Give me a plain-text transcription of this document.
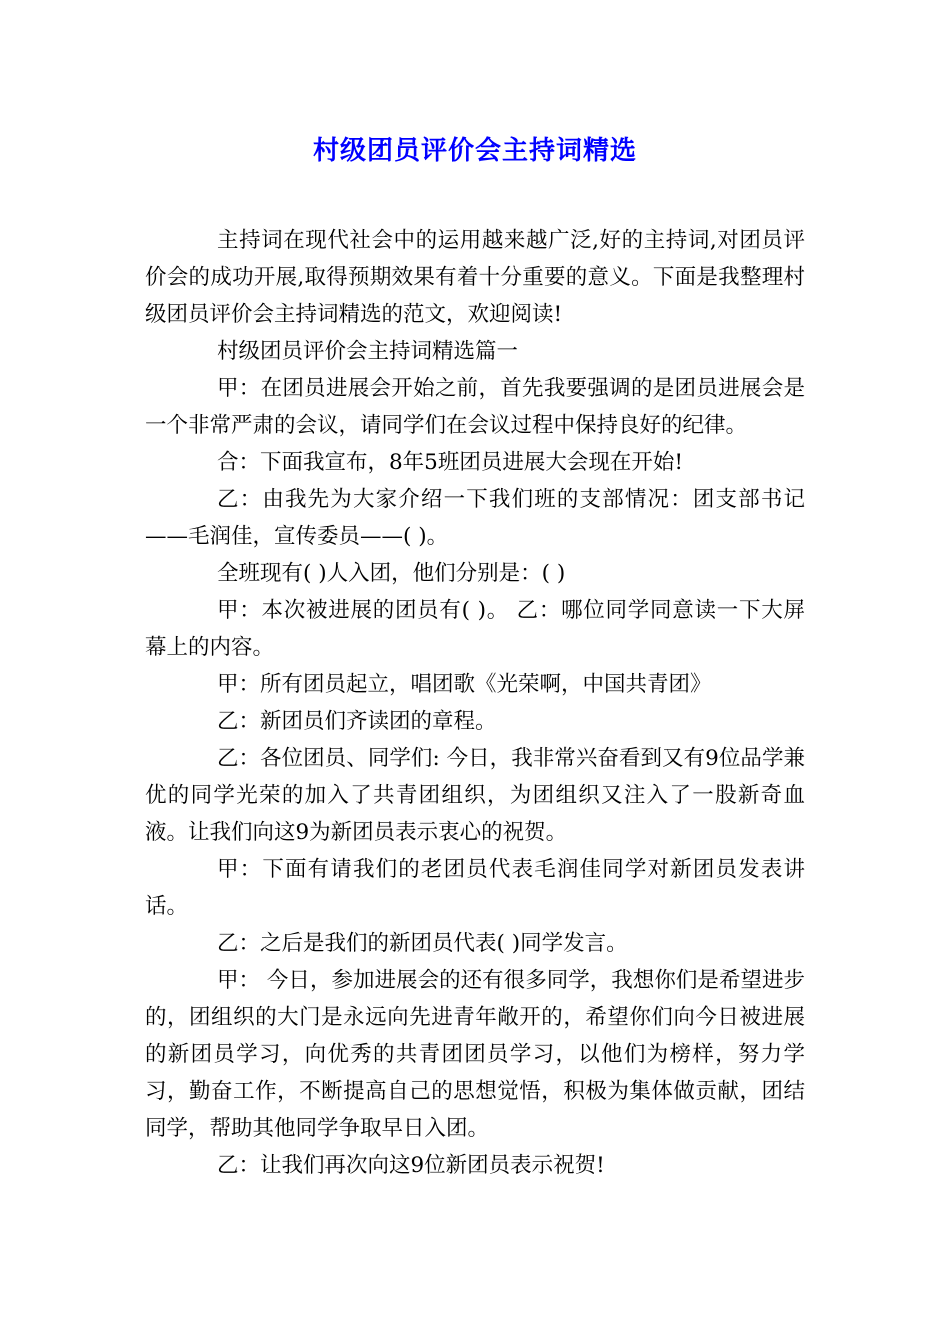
村级团员评价会主持词精选

主持词在现代社会中的运用越来越广泛,好的主持词,对团员评价会的成功开展,取得预期效果有着十分重要的意义。下面是我整理村级团员评价会主持词精选的范文，欢迎阅读!

村级团员评价会主持词精选篇一

甲：在团员进展会开始之前，首先我要强调的是团员进展会是一个非常严肃的会议，请同学们在会议过程中保持良好的纪律。

合：下面我宣布，8年5班团员进展大会现在开始!

乙：由我先为大家介绍一下我们班的支部情况：团支部书记——毛润佳，宣传委员——( )。

全班现有( )人入团，他们分别是：( )

甲：本次被进展的团员有( )。 乙：哪位同学同意读一下大屏幕上的内容。

甲：所有团员起立，唱团歌《光荣啊，中国共青团》

乙：新团员们齐读团的章程。

乙：各位团员、同学们: 今日，我非常兴奋看到又有9位品学兼优的同学光荣的加入了共青团组织，为团组织又注入了一股新奇血液。让我们向这9为新团员表示衷心的祝贺。

甲：下面有请我们的老团员代表毛润佳同学对新团员发表讲话。

乙：之后是我们的新团员代表( )同学发言。

甲： 今日，参加进展会的还有很多同学，我想你们是希望进步的，团组织的大门是永远向先进青年敞开的，希望你们向今日被进展的新团员学习，向优秀的共青团团员学习，以他们为榜样，努力学习，勤奋工作，不断提高自己的思想觉悟，积极为集体做贡献，团结同学，帮助其他同学争取早日入团。

乙：让我们再次向这9位新团员表示祝贺!
